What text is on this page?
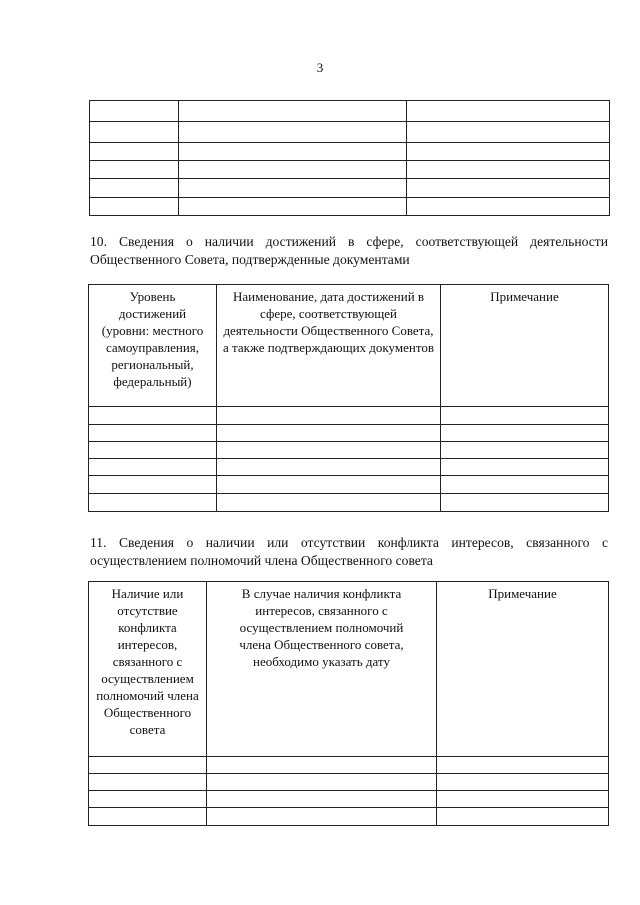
3

10. Сведения о наличии достижений в сфере, соответствующей деятельности
Общественного Совета, подтвержденные документами
Уровень достижений (уровни: местного самоуправления, региональный, федеральный)	Наименование, дата достижений в сфере, соответствующей деятельности Общественного Совета, а также подтверждающих документов	Примечание

11. Сведения о наличии или отсутствии конфликта интересов, связанного с
осуществлением полномочий члена Общественного совета
Наличие или отсутствие конфликта интересов, связанного с осуществлением полномочий члена Общественного совета	В случае наличия конфликта интересов, связанного с осуществлением полномочий члена Общественного совета, необходимо указать дату	Примечание
